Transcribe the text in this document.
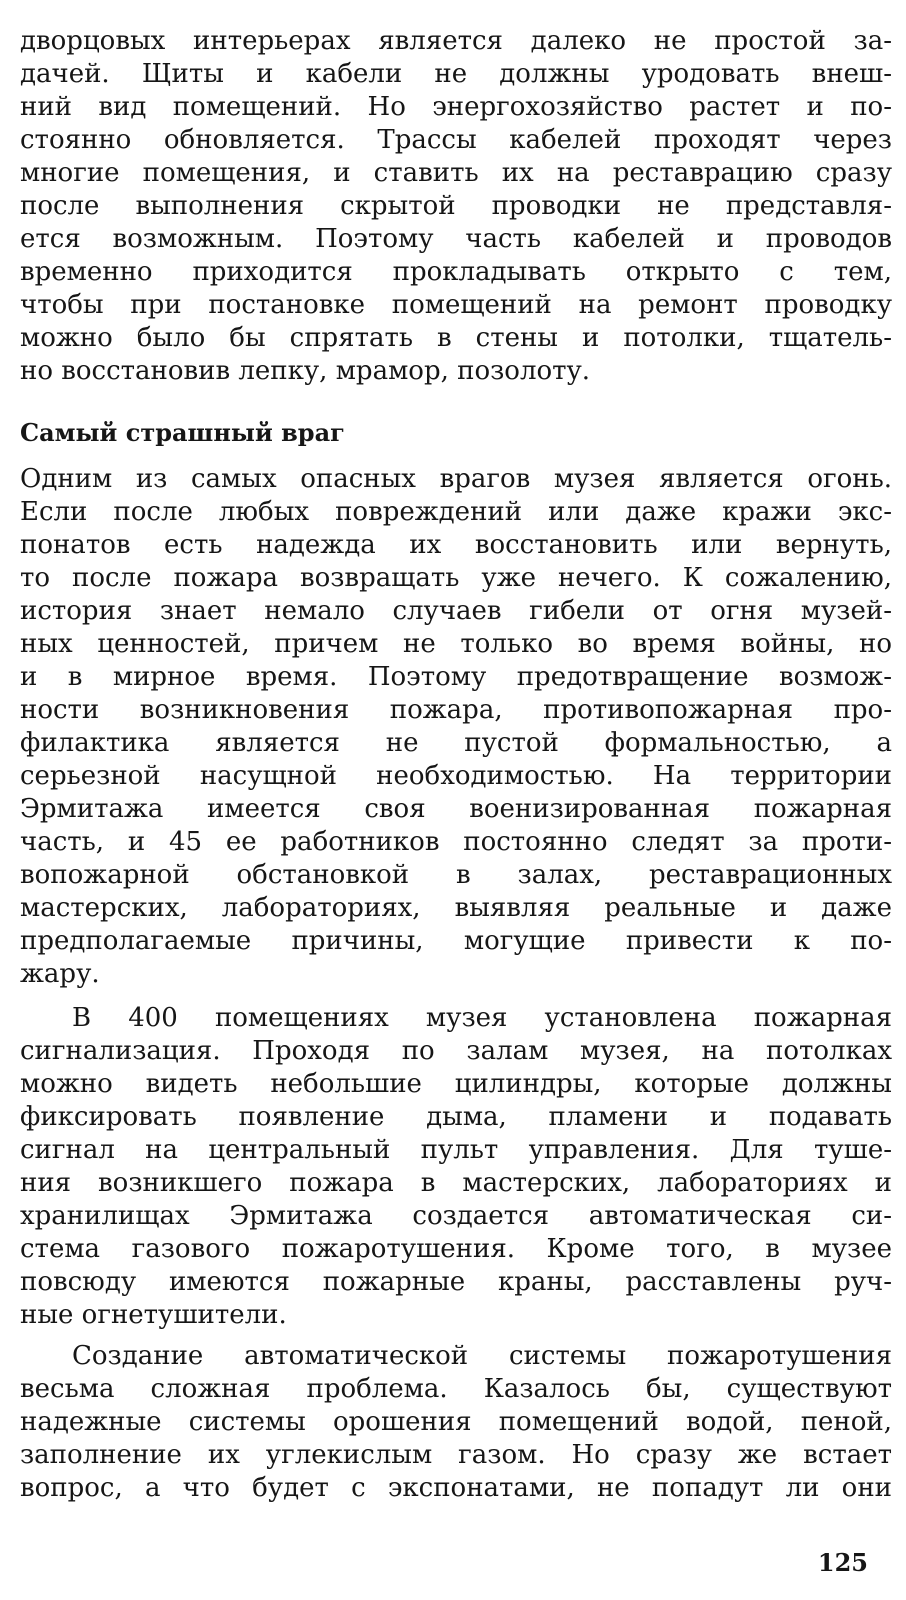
дворцовых интерьерах является далеко не простой за-
дачей. Щиты и кабели не должны уродовать внеш-
ний вид помещений. Но энергохозяйство растет и по-
стоянно обновляется. Трассы кабелей проходят через
многие помещения, и ставить их на реставрацию сразу
после выполнения скрытой проводки не представля-
ется возможным. Поэтому часть кабелей и проводов
временно приходится прокладывать открыто с тем,
чтобы при постановке помещений на ремонт проводку
можно было бы спрятать в стены и потолки, тщатель-
но восстановив лепку, мрамор, позолоту.
Самый страшный враг
Одним из самых опасных врагов музея является огонь.
Если после любых повреждений или даже кражи экс-
понатов есть надежда их восстановить или вернуть,
то после пожара возвращать уже нечего. К сожалению,
история знает немало случаев гибели от огня музей-
ных ценностей, причем не только во время войны, но
и в мирное время. Поэтому предотвращение возмож-
ности возникновения пожара, противопожарная про-
филактика является не пустой формальностью, а
серьезной насущной необходимостью. На территории
Эрмитажа имеется своя военизированная пожарная
часть, и 45 ее работников постоянно следят за проти-
вопожарной обстановкой в залах, реставрационных
мастерских, лабораториях, выявляя реальные и даже
предполагаемые причины, могущие привести к по-
жару.
В 400 помещениях музея установлена пожарная
сигнализация. Проходя по залам музея, на потолках
можно видеть небольшие цилиндры, которые должны
фиксировать появление дыма, пламени и подавать
сигнал на центральный пульт управления. Для туше-
ния возникшего пожара в мастерских, лабораториях и
хранилищах Эрмитажа создается автоматическая си-
стема газового пожаротушения. Кроме того, в музее
повсюду имеются пожарные краны, расставлены руч-
ные огнетушители.
Создание автоматической системы пожаротушения
весьма сложная проблема. Казалось бы, существуют
надежные системы орошения помещений водой, пеной,
заполнение их углекислым газом. Но сразу же встает
вопрос, а что будет с экспонатами, не попадут ли они
125
